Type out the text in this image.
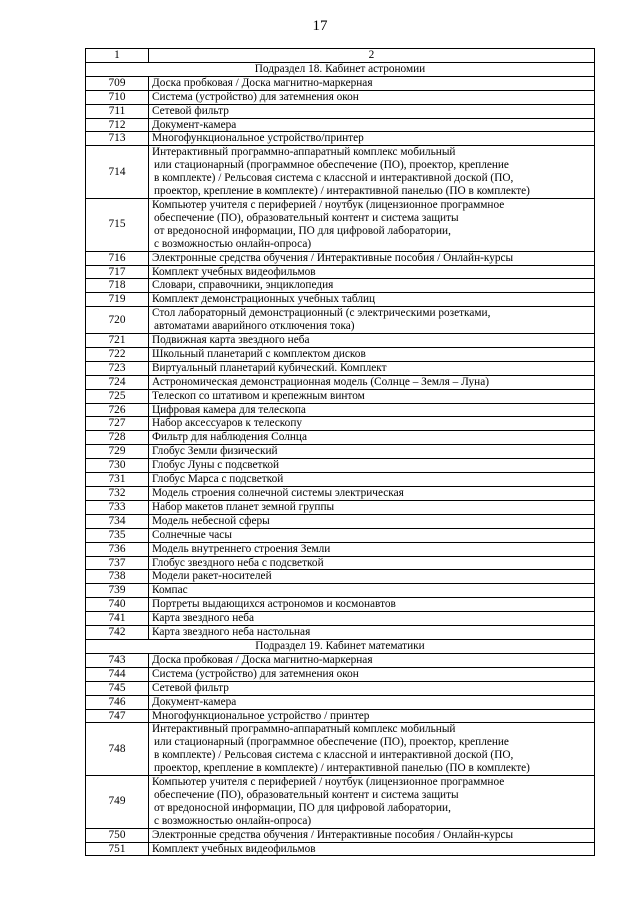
17
1	2
Подраздел 18. Кабинет астрономии	
709	Доска пробковая / Доска магнитно-маркерная

710	Система (устройство) для затемнения окон

711	Сетевой фильтр

712	Документ-камера

713	Многофункциональное устройство/принтер

714	Интерактивный программно-аппаратный комплекс мобильный
или стационарный (программное обеспечение (ПО), проектор, крепление
в комплекте) / Рельсовая система с классной и интерактивной доской (ПО,
проектор, крепление в комплекте) / интерактивной панелью (ПО в комплекте)

715	Компьютер учителя с периферией / ноутбук (лицензионное программное
обеспечение (ПО), образовательный контент и система защиты
от вредоносной информации, ПО для цифровой лаборатории,
с возможностью онлайн-опроса)

716	Электронные средства обучения / Интерактивные пособия / Онлайн-курсы

717	Комплект учебных видеофильмов

718	Словари, справочники, энциклопедия

719	Комплект демонстрационных учебных таблиц

720	Стол лабораторный демонстрационный (с электрическими розетками,
автоматами аварийного отключения тока)

721	Подвижная карта звездного неба

722	Школьный планетарий с комплектом дисков

723	Виртуальный планетарий кубический. Комплект

724	Астрономическая демонстрационная модель (Солнце – Земля – Луна)

725	Телескоп со штативом и крепежным винтом

726	Цифровая камера для телескопа

727	Набор аксессуаров к телескопу

728	Фильтр для наблюдения Солнца

729	Глобус Земли физический

730	Глобус Луны с подсветкой

731	Глобус Марса с подсветкой

732	Модель строения солнечной системы электрическая

733	Набор макетов планет земной группы

734	Модель небесной сферы

735	Солнечные часы

736	Модель внутреннего строения Земли

737	Глобус звездного неба с подсветкой

738	Модели ракет-носителей

739	Компас

740	Портреты выдающихся астрономов и космонавтов

741	Карта звездного неба

742	Карта звездного неба настольная

Подраздел 19. Кабинет математики	
743	Доска пробковая / Доска магнитно-маркерная

744	Система (устройство) для затемнения окон

745	Сетевой фильтр

746	Документ-камера

747	Многофункциональное устройство / принтер

748	Интерактивный программно-аппаратный комплекс мобильный
или стационарный (программное обеспечение (ПО), проектор, крепление
в комплекте) / Рельсовая система с классной и интерактивной доской (ПО,
проектор, крепление в комплекте) / интерактивной панелью (ПО в комплекте)

749	Компьютер учителя с периферией / ноутбук (лицензионное программное
обеспечение (ПО), образовательный контент и система защиты
от вредоносной информации, ПО для цифровой лаборатории,
с возможностью онлайн-опроса)

750	Электронные средства обучения / Интерактивные пособия / Онлайн-курсы

751	Комплект учебных видеофильмов
